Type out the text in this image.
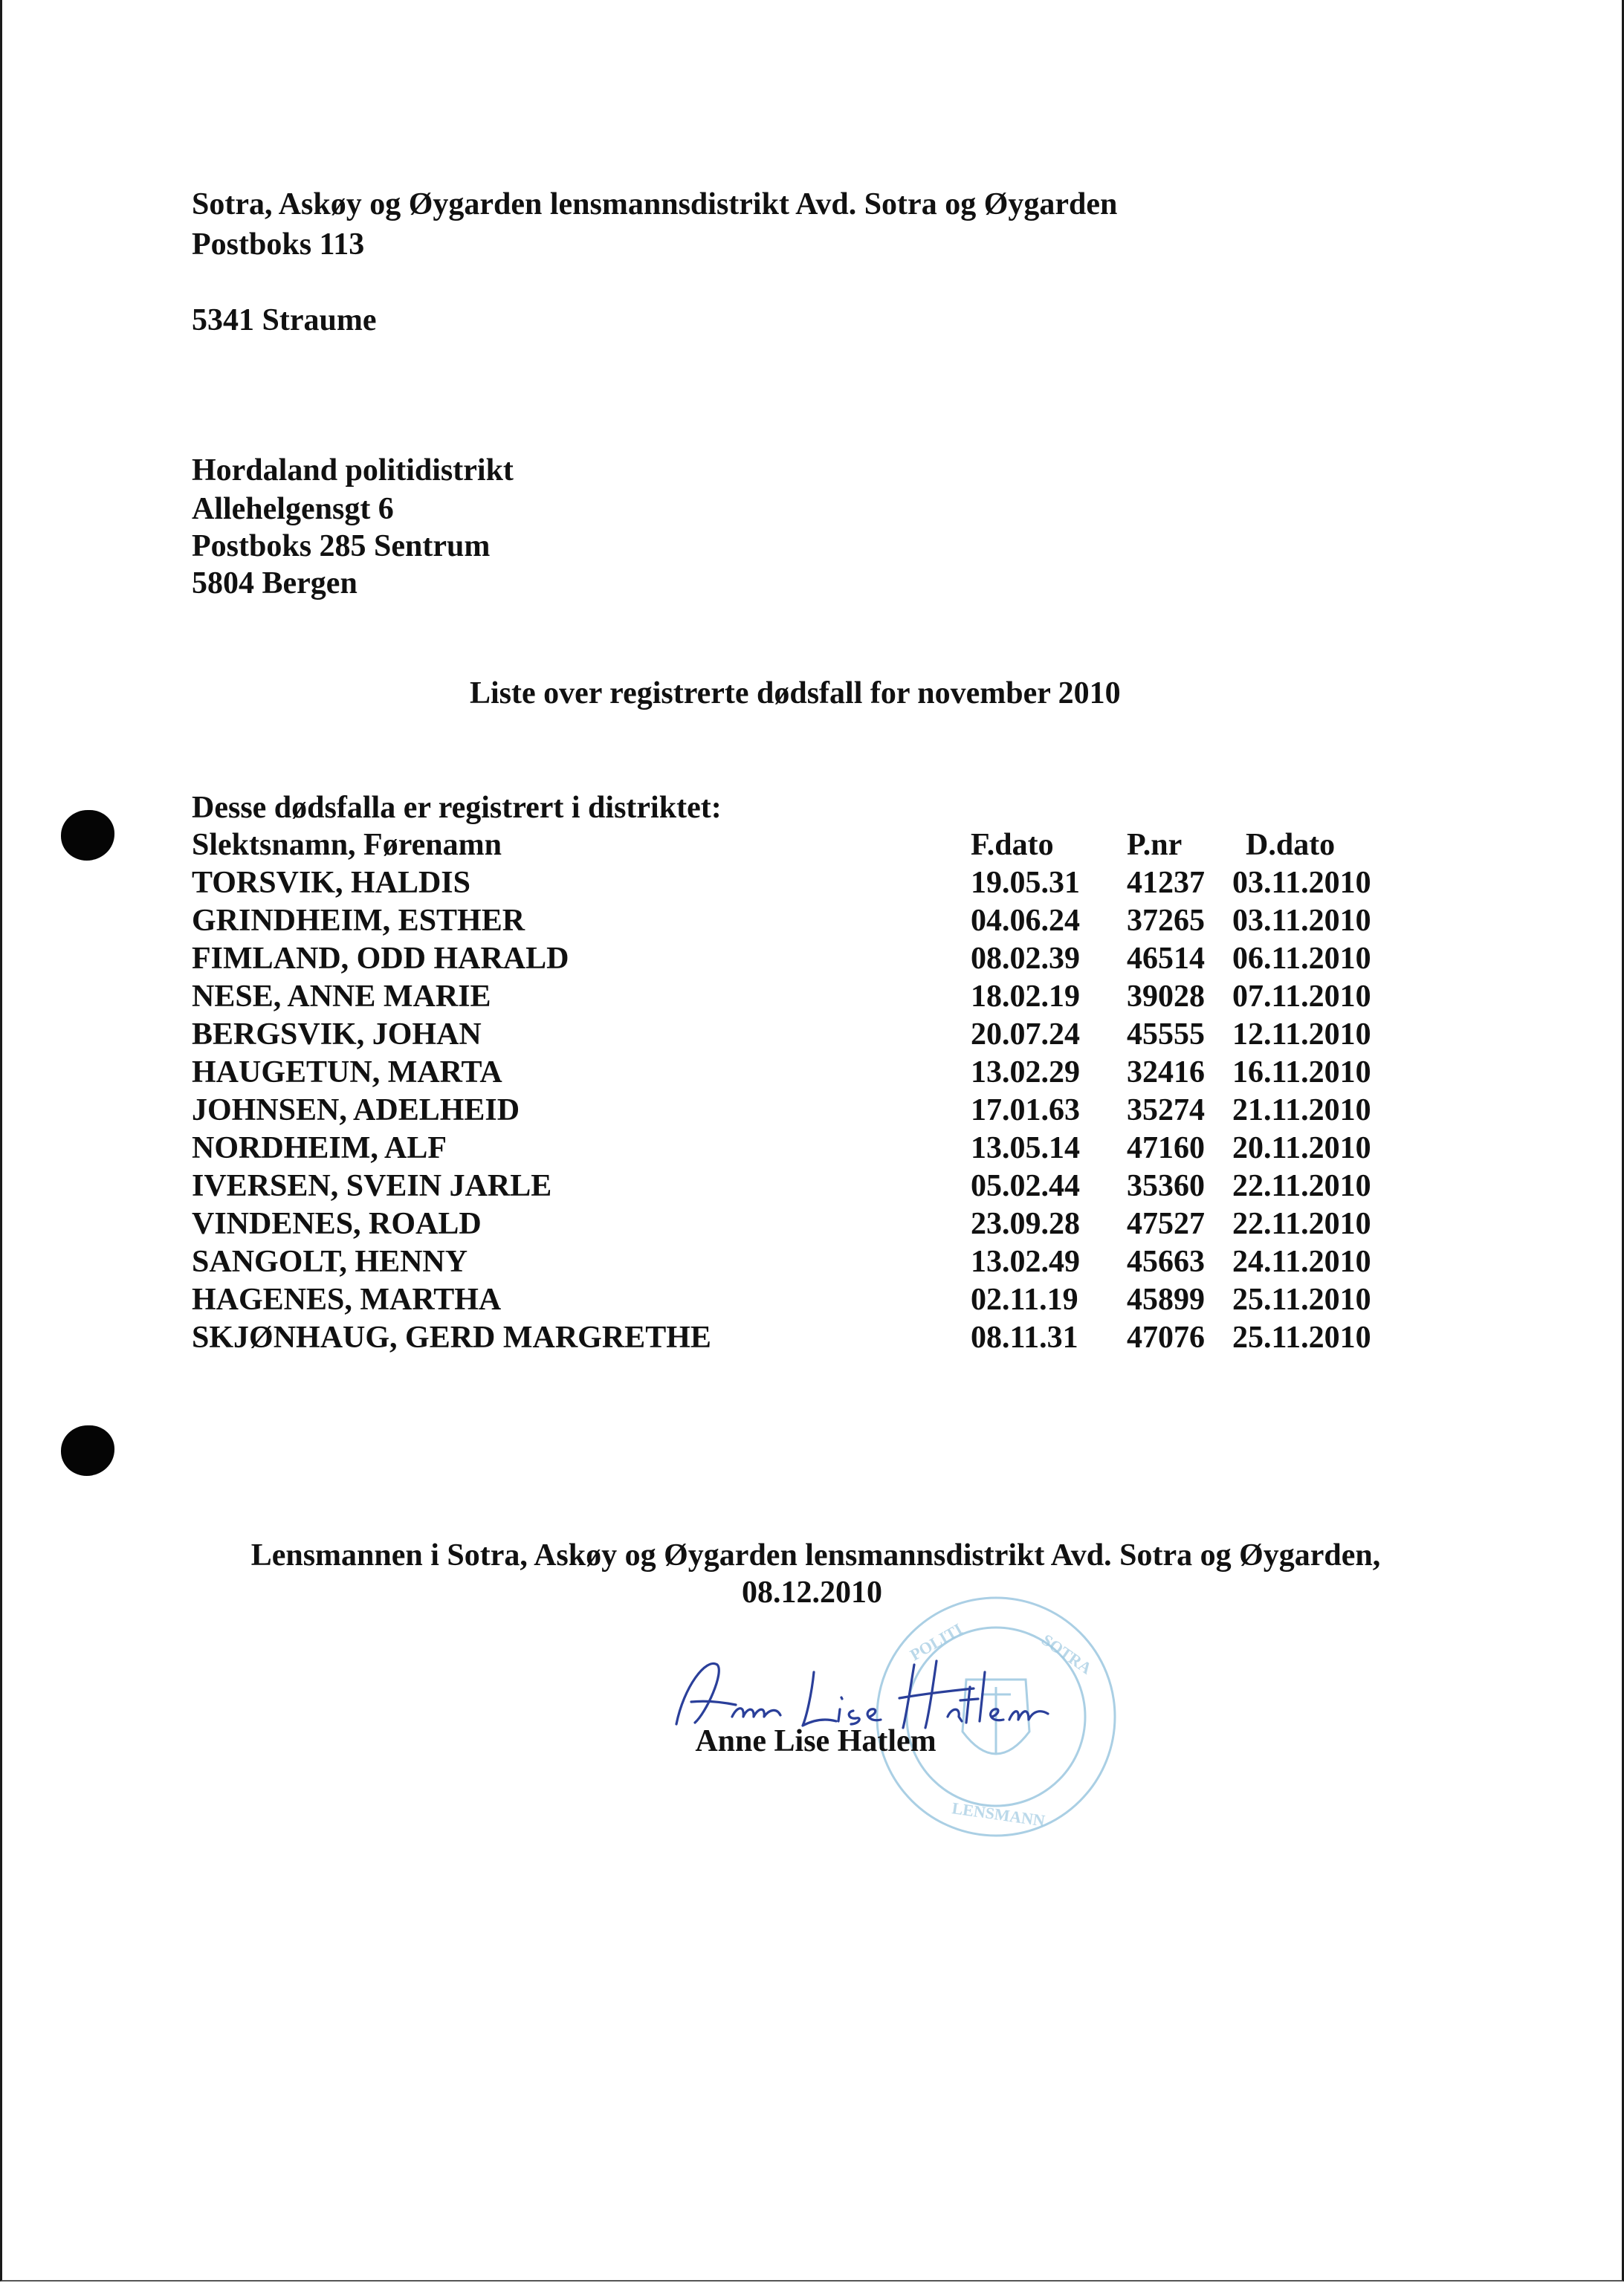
Sotra, Askøy og Øygarden lensmannsdistrikt Avd. Sotra og Øygarden
Postboks 113
5341 Straume
Hordaland politidistrikt
Allehelgensgt 6
Postboks 285 Sentrum
5804 Bergen
Liste over registrerte dødsfall for november 2010
Desse dødsfalla er registrert i distriktet:
Slektsnamn, Førenamn	F.dato P.nr	D.dato
TORSVIK, HALDIS	19.05.31 41237 03.11.2010
GRINDHEIM, ESTHER	04.06.24 37265 03.11.2010
FIMLAND, ODD HARALD	08.02.39 46514 06.11.2010
NESE, ANNE MARIE	18.02.19 39028 07.11.2010
BERGSVIK, JOHAN	20.07.24 45555 12.11.2010
HAUGETUN, MARTA	13.02.29 32416 16.11.2010
JOHNSEN, ADELHEID	17.01.63 35274 21.11.2010
NORDHEIM, ALF	13.05.14 47160 20.11.2010
IVERSEN, SVEIN JARLE	05.02.44 35360 22.11.2010
VINDENES, ROALD	23.09.28 47527 22.11.2010
SANGOLT, HENNY	13.02.49 45663 24.11.2010
HAGENES, MARTHA	02.11.19 45899 25.11.2010
SKJØNHAUG, GERD MARGRETHE	08.11.31 47076 25.11.2010
Lensmannen i Sotra, Askøy og Øygarden lensmannsdistrikt Avd. Sotra og Øygarden,
08.12.2010
POLITI	SOTRA
LENSMANN
Anne Lise Hatlem
